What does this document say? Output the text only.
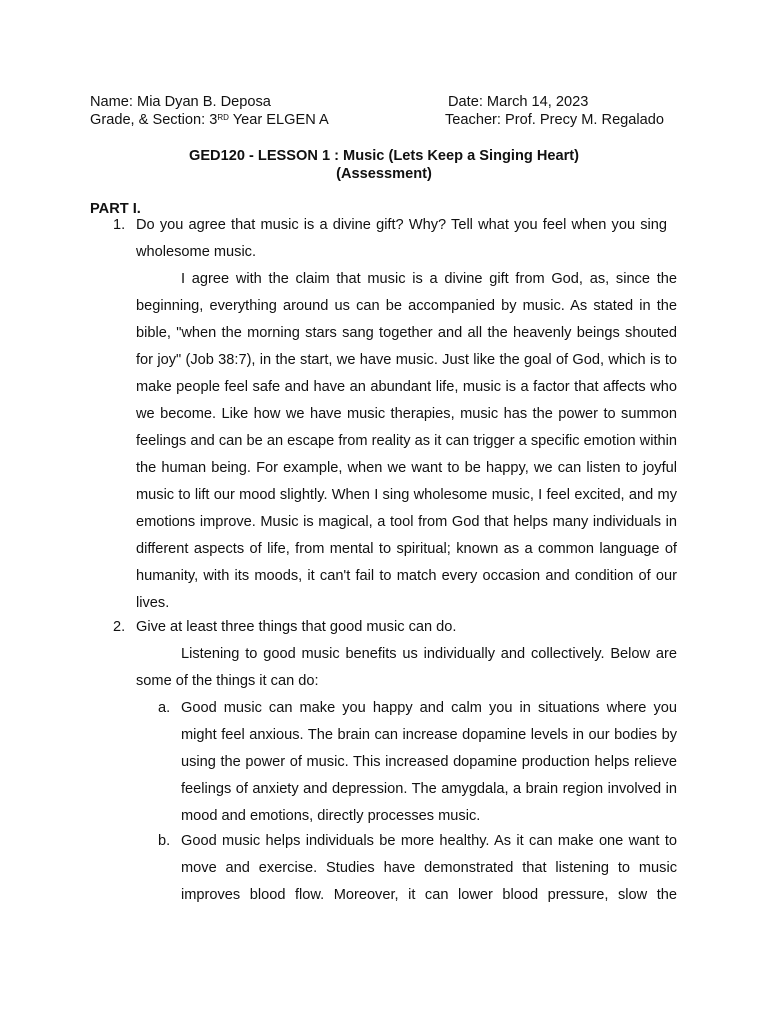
Name: Mia Dyan B. Deposa	Date: March 14, 2023
Grade, & Section: 3RD Year ELGEN A	Teacher: Prof. Precy M. Regalado
GED120 - LESSON 1 : Music (Lets Keep a Singing Heart)
(Assessment)
PART I.
1. Do you agree that music is a divine gift? Why? Tell what you feel when you sing wholesome music.
I agree with the claim that music is a divine gift from God, as, since the beginning, everything around us can be accompanied by music. As stated in the bible, "when the morning stars sang together and all the heavenly beings shouted for joy" (Job 38:7), in the start, we have music. Just like the goal of God, which is to make people feel safe and have an abundant life, music is a factor that affects who we become. Like how we have music therapies, music has the power to summon feelings and can be an escape from reality as it can trigger a specific emotion within the human being. For example, when we want to be happy, we can listen to joyful music to lift our mood slightly. When I sing wholesome music, I feel excited, and my emotions improve. Music is magical, a tool from God that helps many individuals in different aspects of life, from mental to spiritual; known as a common language of humanity, with its moods, it can't fail to match every occasion and condition of our lives.
2. Give at least three things that good music can do.
Listening to good music benefits us individually and collectively. Below are some of the things it can do:
a. Good music can make you happy and calm you in situations where you might feel anxious. The brain can increase dopamine levels in our bodies by using the power of music. This increased dopamine production helps relieve feelings of anxiety and depression. The amygdala, a brain region involved in mood and emotions, directly processes music.
b. Good music helps individuals be more healthy. As it can make one want to move and exercise. Studies have demonstrated that listening to music improves blood flow. Moreover, it can lower blood pressure, slow the
